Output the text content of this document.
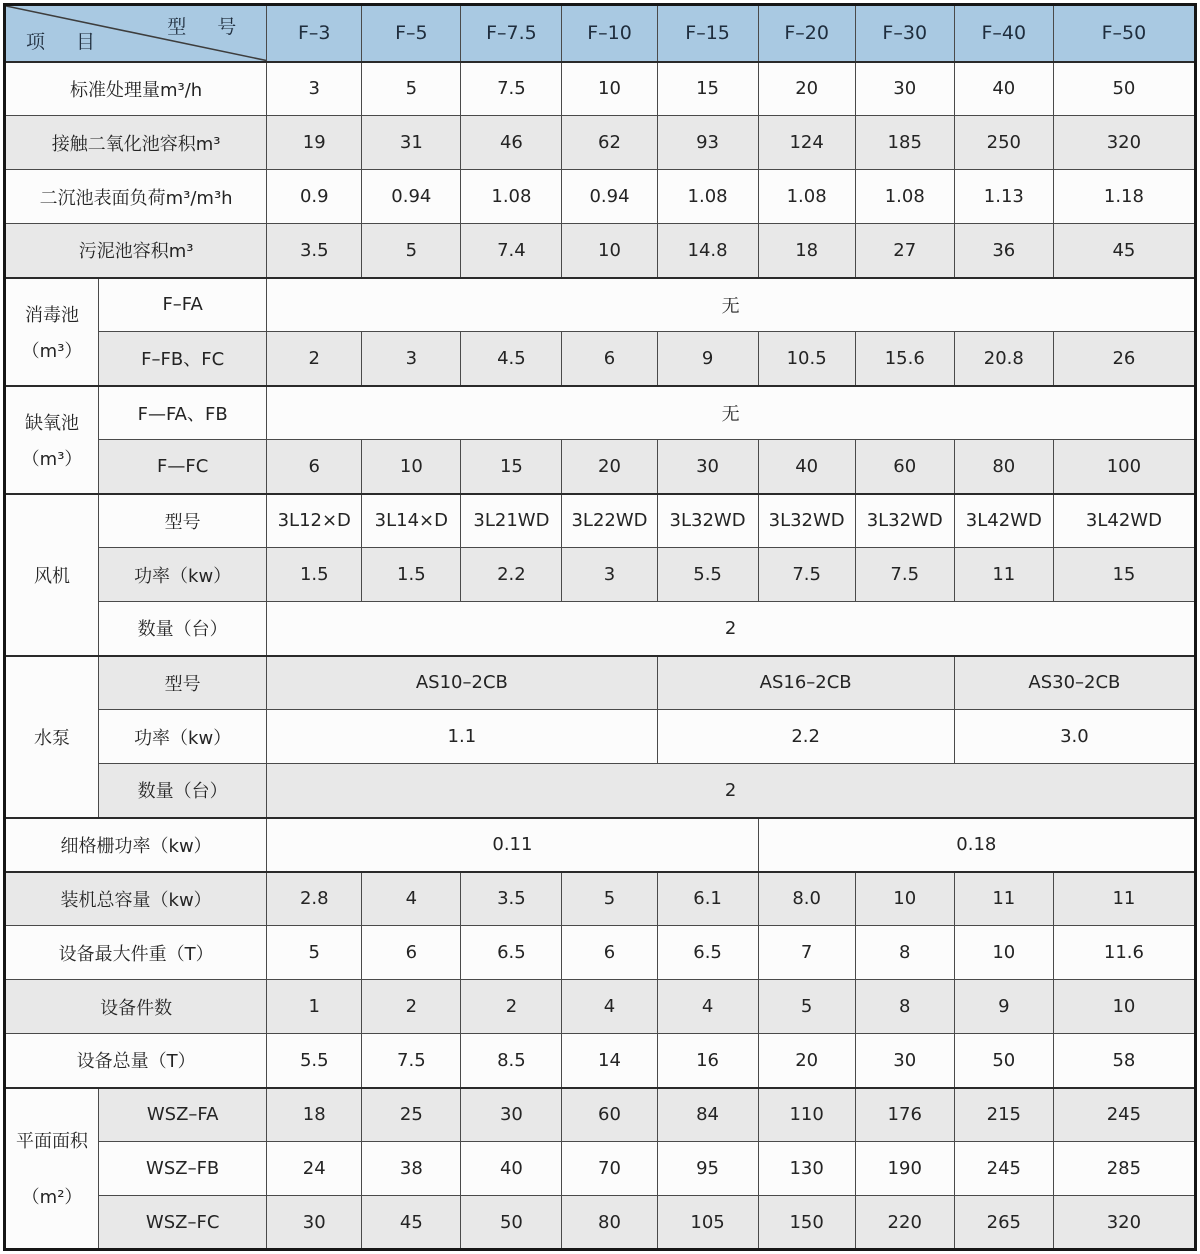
型　号
项　目		F–3	F–5	F–7.5	F–10	F–15	F–20	F–30	F–40	F–50
标准处理量m³/h		3	5	7.5	10	15	20	30	40	50
接触二氧化池容积m³		19	31	46	62	93	124	185	250	320
二沉池表面负荷m³/m³h		0.9	0.94	1.08	0.94	1.08	1.08	1.08	1.13	1.18
污泥池容积m³		3.5	5	7.4	10	14.8	18	27	36	45

消毒池
（m³）	F–FA	无								
	F–FB、FC	2	3	4.5	6	9	10.5	15.6	20.8	26

缺氧池
（m³）	F—FA、FB	无								
	F—FC	6	10	15	20	30	40	60	80	100
风机	型号	3L12×D	3L14×D	3L21WD	3L22WD	3L32WD	3L32WD	3L32WD	3L42WD	3L42WD
	功率（kw）	1.5	1.5	2.2	3	5.5	7.5	7.5	11	15
	数量（台）	2								
水泵	型号	AS10–2CB				AS16–2CB			AS30–2CB	
	功率（kw）	1.1				2.2			3.0	
	数量（台）	2								
细格栅功率（kw）		0.11					0.18			
装机总容量（kw）		2.8	4	3.5	5	6.1	8.0	10	11	11
设备最大件重（T）		5	6	6.5	6	6.5	7	8	10	11.6
设备件数		1	2	2	4	4	5	8	9	10
设备总量（T）		5.5	7.5	8.5	14	16	20	30	50	58

平面面积
（m²）	WSZ–FA	18	25	30	60	84	110	176	215	245
	WSZ–FB	24	38	40	70	95	130	190	245	285
	WSZ–FC	30	45	50	80	105	150	220	265	320
